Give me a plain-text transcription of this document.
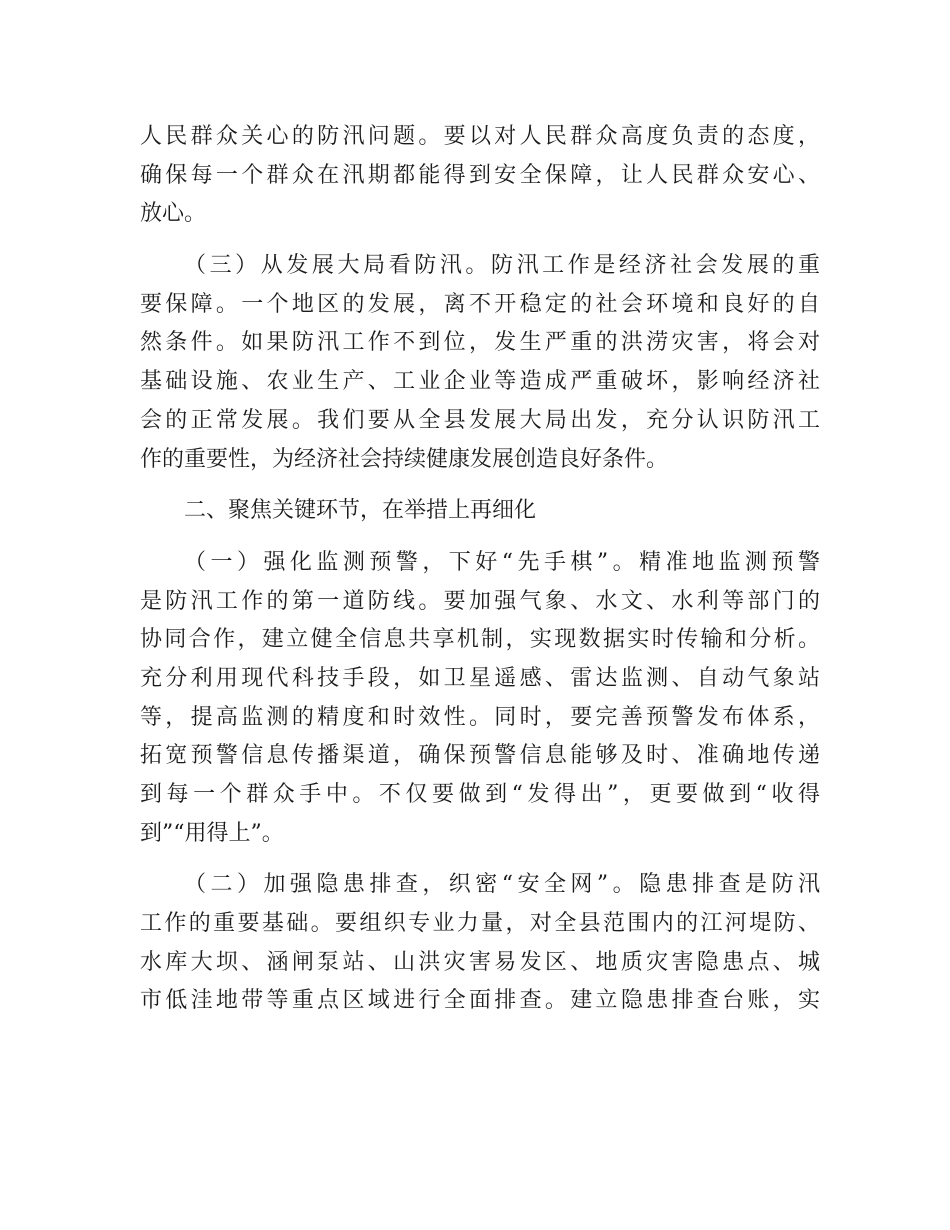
人民群众关心的防汛问题。要以对人民群众高度负责的态度，
确保每一个群众在汛期都能得到安全保障，让人民群众安心、
放心。
（三）从发展大局看防汛。防汛工作是经济社会发展的重
要保障。一个地区的发展，离不开稳定的社会环境和良好的自
然条件。如果防汛工作不到位，发生严重的洪涝灾害，将会对
基础设施、农业生产、工业企业等造成严重破坏，影响经济社
会的正常发展。我们要从全县发展大局出发，充分认识防汛工
作的重要性，为经济社会持续健康发展创造良好条件。
二、聚焦关键环节，在举措上再细化
（一）强化监测预警，下好“先手棋”。精准地监测预警
是防汛工作的第一道防线。要加强气象、水文、水利等部门的
协同合作，建立健全信息共享机制，实现数据实时传输和分析。
充分利用现代科技手段，如卫星遥感、雷达监测、自动气象站
等，提高监测的精度和时效性。同时，要完善预警发布体系，
拓宽预警信息传播渠道，确保预警信息能够及时、准确地传递
到每一个群众手中。不仅要做到“发得出”，更要做到“收得
到”“用得上”。
（二）加强隐患排查，织密“安全网”。隐患排查是防汛
工作的重要基础。要组织专业力量，对全县范围内的江河堤防、
水库大坝、涵闸泵站、山洪灾害易发区、地质灾害隐患点、城
市低洼地带等重点区域进行全面排查。建立隐患排查台账，实
